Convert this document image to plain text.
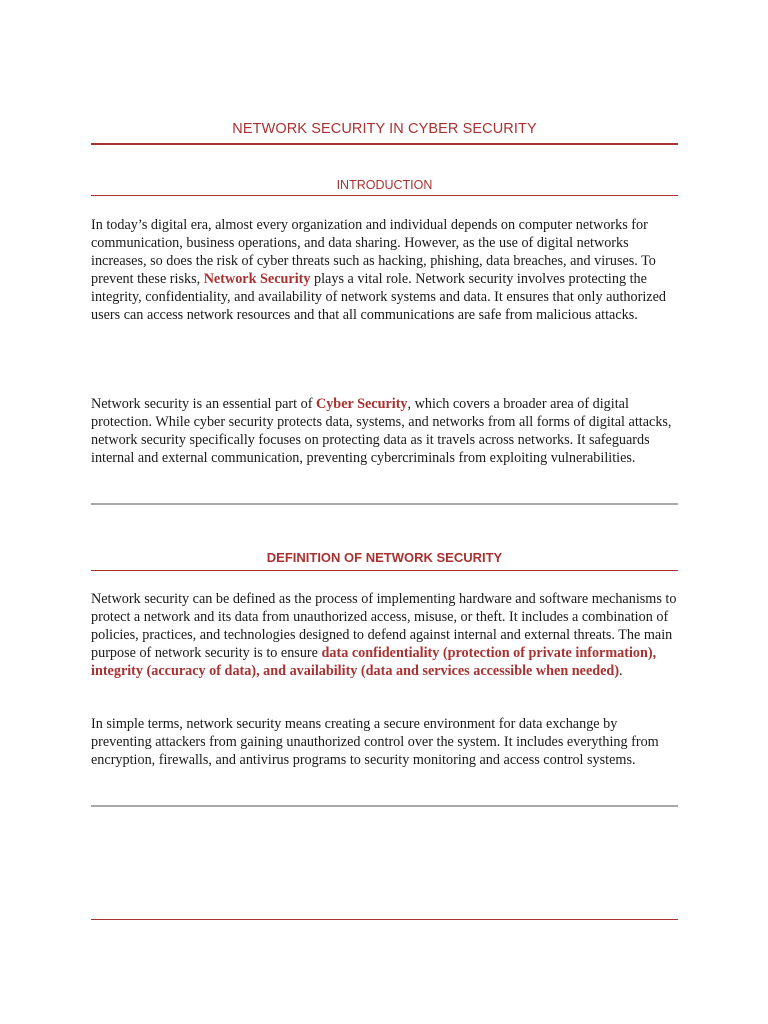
NETWORK SECURITY IN CYBER SECURITY
INTRODUCTION

In today’s digital era, almost every organization and individual depends on computer networks for communication, business operations, and data sharing. However, as the use of digital networks increases, so does the risk of cyber threats such as hacking, phishing, data breaches, and viruses. To prevent these risks, Network Security plays a vital role. Network security involves protecting the integrity, confidentiality, and availability of network systems and data. It ensures that only authorized users can access network resources and that all communications are safe from malicious attacks.

Network security is an essential part of Cyber Security, which covers a broader area of digital protection. While cyber security protects data, systems, and networks from all forms of digital attacks, network security specifically focuses on protecting data as it travels across networks. It safeguards internal and external communication, preventing cybercriminals from exploiting vulnerabilities.

DEFINITION OF NETWORK SECURITY

Network security can be defined as the process of implementing hardware and software mechanisms to protect a network and its data from unauthorized access, misuse, or theft. It includes a combination of policies, practices, and technologies designed to defend against internal and external threats. The main purpose of network security is to ensure data confidentiality (protection of private information), integrity (accuracy of data), and availability (data and services accessible when needed).

In simple terms, network security means creating a secure environment for data exchange by preventing attackers from gaining unauthorized control over the system. It includes everything from encryption, firewalls, and antivirus programs to security monitoring and access control systems.
